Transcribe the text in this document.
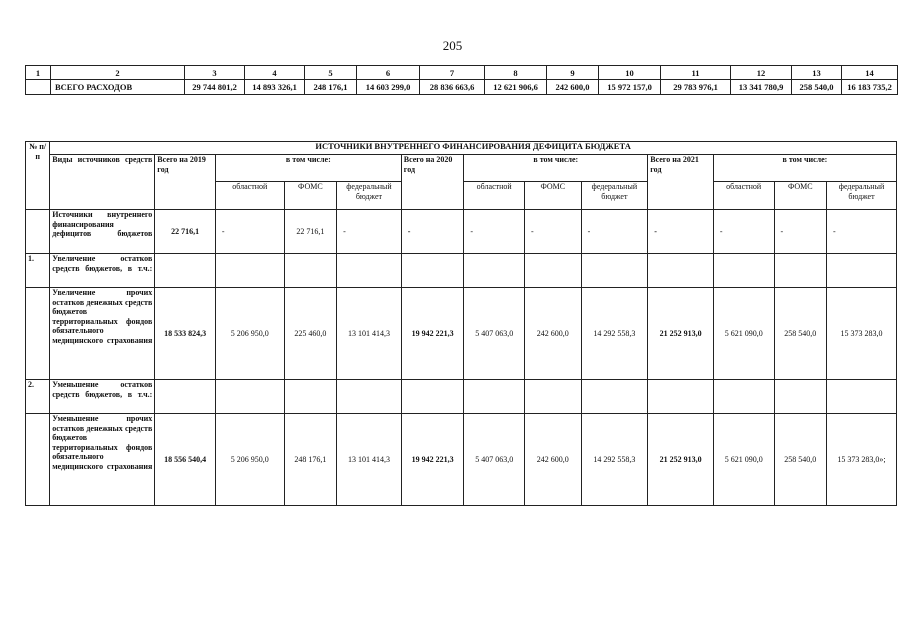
205
1	2	3	4	5	6	7	8	9	10	11	12	13	14
	ВСЕГО РАСХОДОВ	29 744 801,2	14 893 326,1	248 176,1	14 603 299,0	28 836 663,6	12 621 906,6	242 600,0	15 972 157,0	29 783 976,1	13 341 780,9	258 540,0	16 183 735,2
№ п/п	ИСТОЧНИКИ ВНУТРЕННЕГО ФИНАНСИРОВАНИЯ ДЕФИЦИТА БЮДЖЕТА												

	Виды источников средств	Всего на 2019 год	в том числе:			Всего на 2020 год	в том числе:			Всего на 2021 год	в том числе:		
			областной	ФОМС	федеральный бюджет		областной	ФОМС	федеральный бюджет		областной	ФОМС	федеральный бюджет

	Источники внутреннего финансирования дефицитов бюджетов	22 716,1	-	22 716,1	-	-	-	-	-	-	-	-	-
1.	Увеличение остатков средств бюджетов, в т.ч.:												

	Увеличение прочих остатков денежных средств бюджетов территориальных фондов обязательного медицинского страхования	18 533 824,3	5 206 950,0	225 460,0	13 101 414,3	19 942 221,3	5 407 063,0	242 600,0	14 292 558,3	21 252 913,0	5 621 090,0	258 540,0	15 373 283,0
2.	Уменьшение остатков средств бюджетов, в т.ч.:												

	Уменьшение прочих остатков денежных средств бюджетов территориальных фондов обязательного медицинского страхования	18 556 540,4	5 206 950,0	248 176,1	13 101 414,3	19 942 221,3	5 407 063,0	242 600,0	14 292 558,3	21 252 913,0	5 621 090,0	258 540,0	15 373 283,0»;
